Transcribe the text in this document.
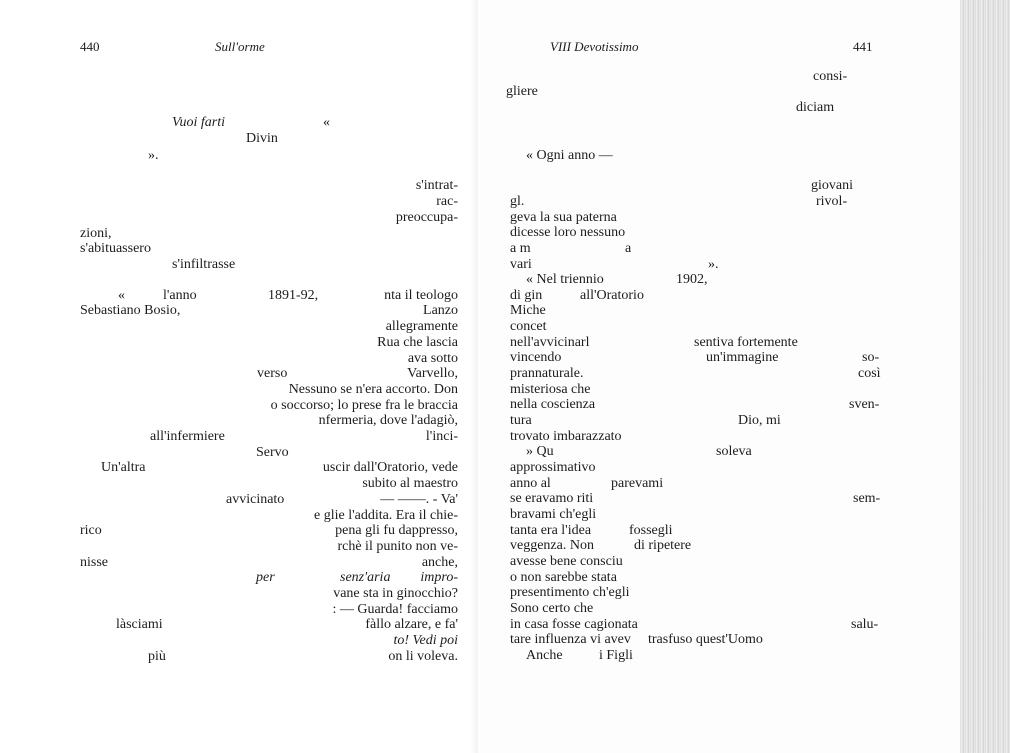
440	Sull'orme
Vuoi farti	«
Divin
».
s'intrat-
rac-
preoccupa-
zioni,
s'abituassero
s'infiltrasse
«	l'anno	1891-92,	nta il teologo
Sebastiano Bosio,	Lanzo
allegramente
Rua che lascia
ava sotto
verso	Varvello,
Nessuno se n'era accorto. Don
o soccorso; lo prese fra le braccia
nfermeria, dove l'adagiò,
all'infermiere	l'inci-
Servo
Un'altra	uscir dall'Oratorio, vede
subito al maestro
avvicinato	— ——. - Va'
e glie l'addita. Era il chie-
rico	pena gli fu dappresso,
rchè il punito non ve-
nisse	anche,
per	senz'aria impro-
vane sta in ginocchio?
: — Guarda! facciamo
làsciami	fàllo alzare, e fa'
to! Vedi poi
più	on li voleva.
VIII Devotissimo	441
consi-
gliere
diciam
« Ogni anno —
giovani
gl.	rivol-
geva la sua paterna
dicesse loro nessuno
a m	a
vari	».
« Nel triennio	1902,
di gin	all'Oratorio
Miche
concet
nell'avvicinarl	sentiva fortemente
vincendo	un'immagine	so-
prannaturale.	così
misteriosa che
nella coscienza	sven-
tura	Dio, mi
trovato imbarazzato
» Qu	soleva
approssimativo
anno al	parevami
se eravamo riti	sem-
bravami ch'egli
tanta era l'idea	fossegli
veggenza. Non	di ripetere
avesse bene consciu
o non sarebbe stata
presentimento ch'egli
Sono certo che
in casa fosse cagionata	salu-
tare influenza vi avev trasfuso quest'Uomo
Anche	i Figli
